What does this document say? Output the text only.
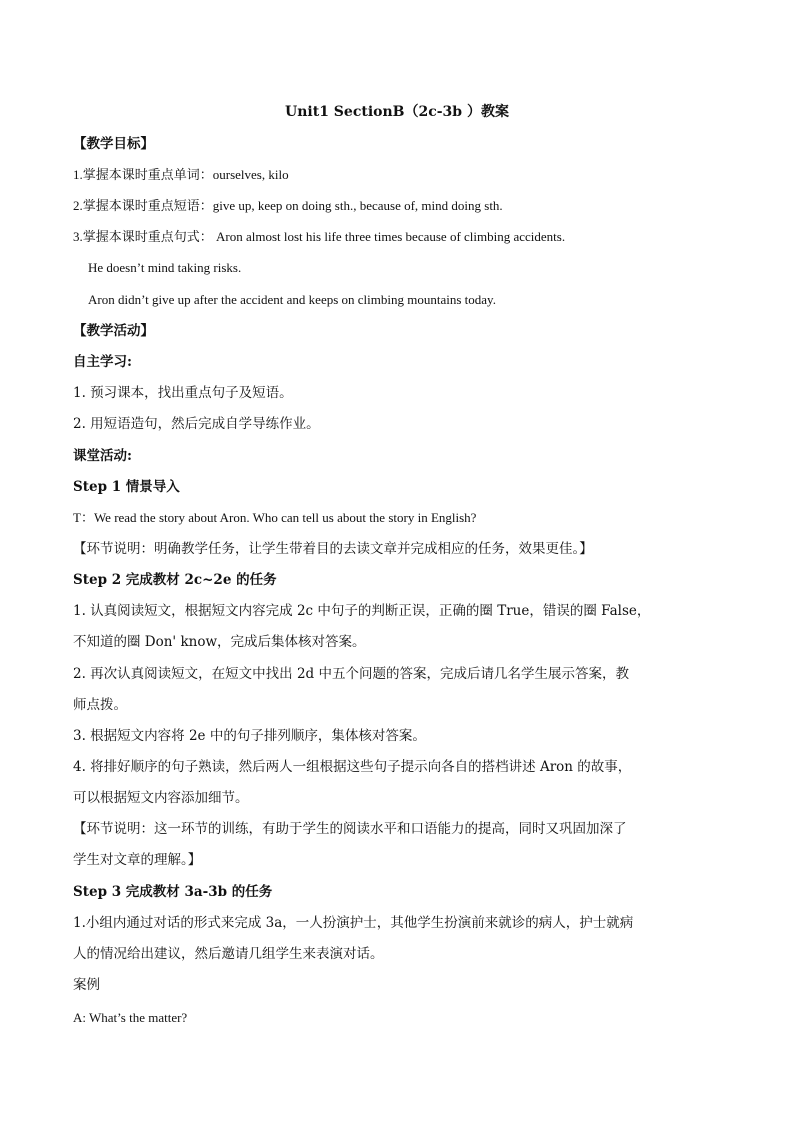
Unit1 SectionB（2c-3b ）教案
【教学目标】
1.掌握本课时重点单词：ourselves, kilo
2.掌握本课时重点短语：give up, keep on doing sth., because of, mind doing sth.
3.掌握本课时重点句式： Aron almost lost his life three times because of climbing accidents.
He doesn’t mind taking risks.
Aron didn’t give up after the accident and keeps on climbing mountains today.
【教学活动】
自主学习:
1. 预习课本，找出重点句子及短语。
2. 用短语造句，然后完成自学导练作业。
课堂活动:
Step 1 情景导入
T：We read the story about Aron. Who can tell us about the story in English?
【环节说明：明确教学任务，让学生带着目的去读文章并完成相应的任务，效果更佳。】
Step 2 完成教材 2c~2e 的任务
1. 认真阅读短文，根据短文内容完成 2c 中句子的判断正误，正确的圈 True，错误的圈 False，
不知道的圈 Don' know，完成后集体核对答案。
2. 再次认真阅读短文，在短文中找出 2d 中五个问题的答案，完成后请几名学生展示答案，教
师点拨。
3. 根据短文内容将 2e 中的句子排列顺序，集体核对答案。
4. 将排好顺序的句子熟读，然后两人一组根据这些句子提示向各自的搭档讲述 Aron 的故事，
可以根据短文内容添加细节。
【环节说明：这一环节的训练，有助于学生的阅读水平和口语能力的提高，同时又巩固加深了
学生对文章的理解。】
Step 3 完成教材 3a-3b 的任务
1.小组内通过对话的形式来完成 3a，一人扮演护士，其他学生扮演前来就诊的病人，护士就病
人的情况给出建议，然后邀请几组学生来表演对话。
案例
A: What’s the matter?
